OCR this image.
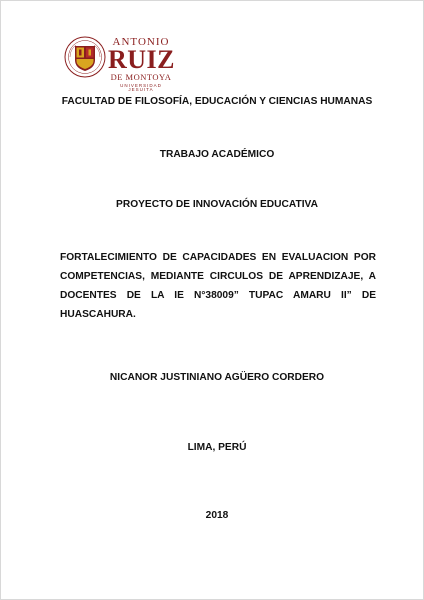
ANTONIO
RUIZ
DE MONTOYA
UNIVERSIDAD JESUITA
FACULTAD DE FILOSOFÍA, EDUCACIÓN Y CIENCIAS HUMANAS
TRABAJO ACADÉMICO
PROYECTO DE INNOVACIÓN EDUCATIVA
FORTALECIMIENTO DE CAPACIDADES EN EVALUACION POR COMPETENCIAS, MEDIANTE CIRCULOS DE APRENDIZAJE, A DOCENTES DE LA IE N°38009” TUPAC AMARU II” DE HUASCAHURA.
NICANOR JUSTINIANO AGÜERO CORDERO
LIMA, PERÚ
2018
